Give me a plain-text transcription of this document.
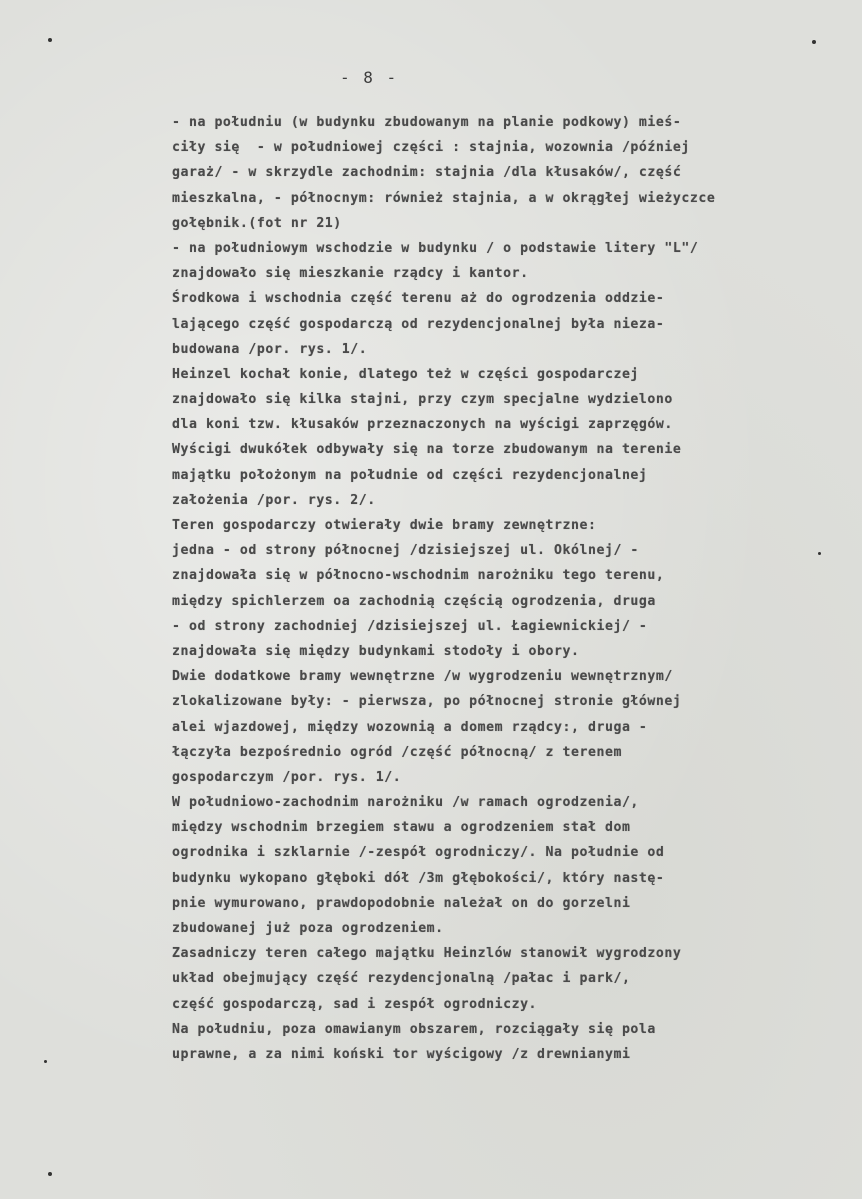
- 8 -
- na południu (w budynku zbudowanym na planie podkowy) mieś-
ciły się  - w południowej części : stajnia, wozownia /później
garaż/ - w skrzydle zachodnim: stajnia /dla kłusaków/, część
mieszkalna, - północnym: również stajnia, a w okrągłej wieżyczce
gołębnik.(fot nr 21)
- na południowym wschodzie w budynku / o podstawie litery "L"/
znajdowało się mieszkanie rządcy i kantor.
Środkowa i wschodnia część terenu aż do ogrodzenia oddzie-
lającego część gospodarczą od rezydencjonalnej była nieza-
budowana /por. rys. 1/.
Heinzel kochał konie, dlatego też w części gospodarczej
znajdowało się kilka stajni, przy czym specjalne wydzielono
dla koni tzw. kłusaków przeznaczonych na wyścigi zaprzęgów.
Wyścigi dwukółek odbywały się na torze zbudowanym na terenie
majątku położonym na południe od części rezydencjonalnej
założenia /por. rys. 2/.
Teren gospodarczy otwierały dwie bramy zewnętrzne:
jedna - od strony północnej /dzisiejszej ul. Okólnej/ -
znajdowała się w północno-wschodnim narożniku tego terenu,
między spichlerzem oa zachodnią częścią ogrodzenia, druga
- od strony zachodniej /dzisiejszej ul. Łagiewnickiej/ -
znajdowała się między budynkami stodoły i obory.
Dwie dodatkowe bramy wewnętrzne /w wygrodzeniu wewnętrznym/
zlokalizowane były: - pierwsza, po północnej stronie głównej
alei wjazdowej, między wozownią a domem rządcy:, druga -
łączyła bezpośrednio ogród /część północną/ z terenem
gospodarczym /por. rys. 1/.
W południowo-zachodnim narożniku /w ramach ogrodzenia/,
między wschodnim brzegiem stawu a ogrodzeniem stał dom
ogrodnika i szklarnie /-zespół ogrodniczy/. Na południe od
budynku wykopano głęboki dół /3m głębokości/, który nastę-
pnie wymurowano, prawdopodobnie należał on do gorzelni
zbudowanej już poza ogrodzeniem.
Zasadniczy teren całego majątku Heinzlów stanowił wygrodzony
układ obejmujący część rezydencjonalną /pałac i park/,
część gospodarczą, sad i zespół ogrodniczy.
Na południu, poza omawianym obszarem, rozciągały się pola
uprawne, a za nimi koński tor wyścigowy /z drewnianymi
